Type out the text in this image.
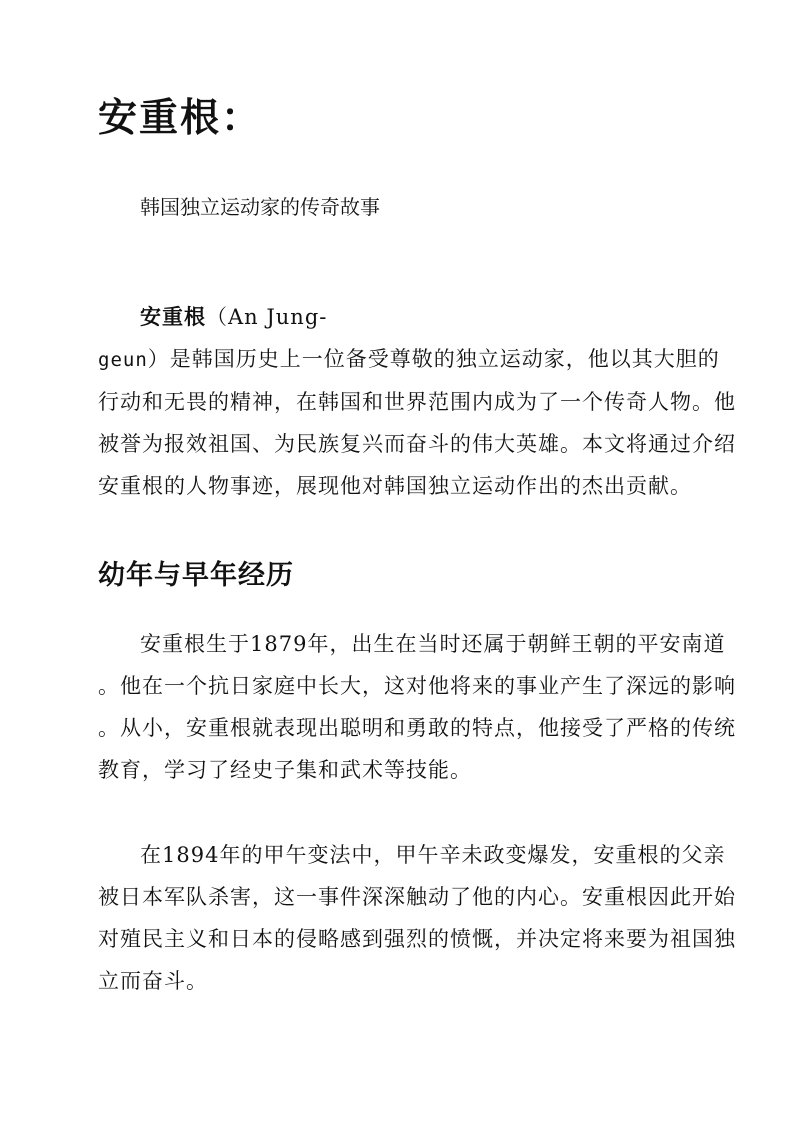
安重根：

韩国独立运动家的传奇故事

安重根（An Jung-
geun）是韩国历史上一位备受尊敬的独立运动家，他以其大胆的
行动和无畏的精神，在韩国和世界范围内成为了一个传奇人物。他
被誉为报效祖国、为民族复兴而奋斗的伟大英雄。本文将通过介绍
安重根的人物事迹，展现他对韩国独立运动作出的杰出贡献。

幼年与早年经历

安重根生于1879年，出生在当时还属于朝鲜王朝的平安南道
。他在一个抗日家庭中长大，这对他将来的事业产生了深远的影响
。从小，安重根就表现出聪明和勇敢的特点，他接受了严格的传统
教育，学习了经史子集和武术等技能。

在1894年的甲午变法中，甲午辛未政变爆发，安重根的父亲
被日本军队杀害，这一事件深深触动了他的内心。安重根因此开始
对殖民主义和日本的侵略感到强烈的愤慨，并决定将来要为祖国独
立而奋斗。
